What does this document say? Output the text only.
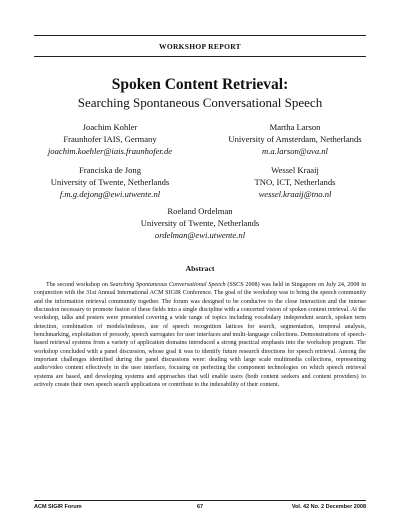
WORKSHOP REPORT
Spoken Content Retrieval:
Searching Spontaneous Conversational Speech
Joachim Kohler
Fraunhofer IAIS, Germany
joachim.koehler@iais.fraunhofer.de
Martha Larson
University of Amsterdam, Netherlands
m.a.larson@uva.nl
Franciska de Jong
University of Twente, Netherlands
f.m.g.dejong@ewi.utwente.nl
Wessel Kraaij
TNO, ICT, Netherlands
wessel.kraaij@tno.nl
Roeland Ordelman
University of Twente, Netherlands
ordelman@ewi.utwente.nl
Abstract

The second workshop on Searching Spontaneous Conversational Speech (SSCS 2008) was held in Singapore on July 24, 2008 in conjunction with the 31st Annual International ACM SIGIR Conference. The goal of the workshop was to bring the speech community and the information retrieval community together. The forum was designed to be conducive to the close interaction and the intense discussion necessary to promote fusion of these fields into a single discipline with a concerted vision of spoken content retrieval. At the workshop, talks and posters were presented covering a wide range of topics including vocabulary independent search, spoken term detection, combination of models/indexes, use of speech recognition lattices for search, segmentation, temporal analysis, benchmarking, exploitation of prosody, speech surrogates for user interfaces and multi-language collections. Demonstrations of speech-based retrieval systems from a variety of application domains introduced a strong practical emphasis into the workshop program. The workshop concluded with a panel discussion, whose goal it was to identify future research directions for speech retrieval. Among the important challenges identified during the panel discussions were: dealing with large scale multimedia collections, representing audio/video content effectively in the user interface, focusing on perfecting the component technologies on which speech retrieval systems are based, and developing systems and approaches that will enable users (both content seekers and content providers) to actively create their own speech search applications or contribute to the indexability of their content.

ACM SIGIR Forum	67	Vol. 42 No. 2 December 2008
